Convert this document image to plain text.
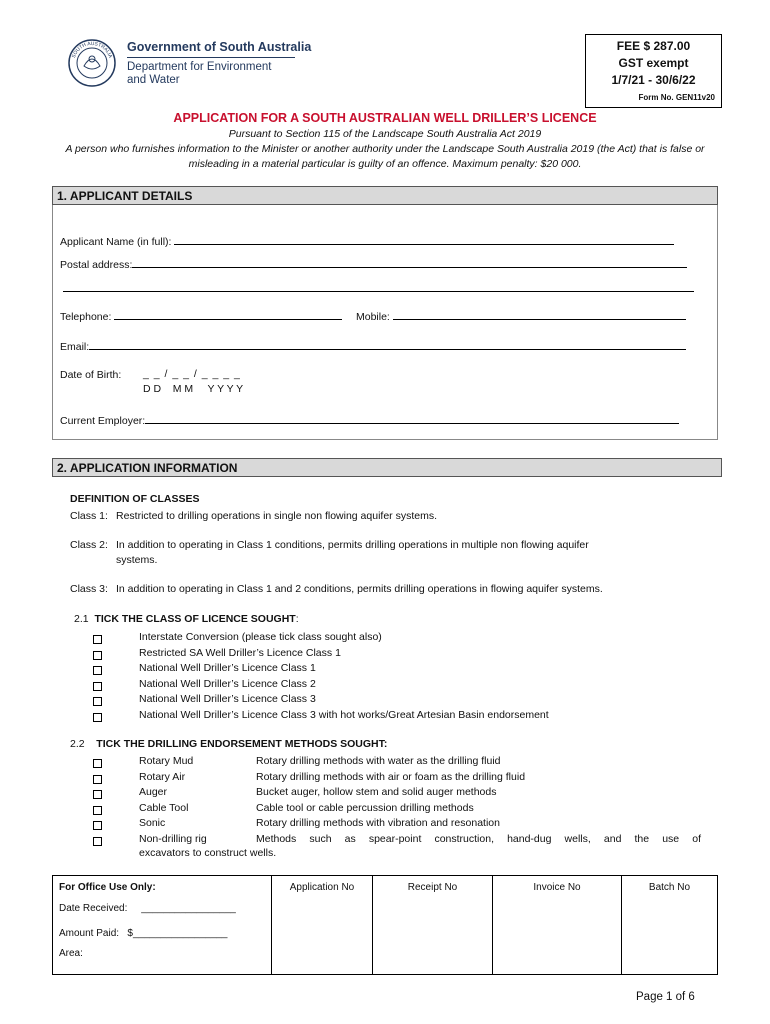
SOUTH AUSTRALIA
Government of South Australia
Department for Environment
and Water
FEE $ 287.00
GST exempt
1/7/21 - 30/6/22
Form No. GEN11v20
APPLICATION FOR A SOUTH AUSTRALIAN WELL DRILLER’S LICENCE
Pursuant to Section 115 of the Landscape South Australia Act 2019
A person who furnishes information to the Minister or another authority under the Landscape South Australia 2019 (the Act) that is false or misleading in a material particular is guilty of an offence. Maximum penalty: $20 000.
1. APPLICANT DETAILS
Applicant Name (in full):
Postal address:
Telephone:	Mobile:
Email:
Date of Birth: _ _ / _ _ / _ _ _ _
D D    M M     Y Y Y Y
Current Employer:
2. APPLICATION INFORMATION
DEFINITION OF CLASSES
Class 1: Restricted to drilling operations in single non flowing aquifer systems.
Class 2: In addition to operating in Class 1 conditions, permits drilling operations in multiple non flowing aquifer
systems.
Class 3: In addition to operating in Class 1 and 2 conditions, permits drilling operations in flowing aquifer systems.
2.1 TICK THE CLASS OF LICENCE SOUGHT:
Interstate Conversion (please tick class sought also)
Restricted SA Well Driller’s Licence Class 1
National Well Driller’s Licence Class 1
National Well Driller’s Licence Class 2
National Well Driller’s Licence Class 3
National Well Driller’s Licence Class 3 with hot works/Great Artesian Basin endorsement
2.2 TICK THE DRILLING ENDORSEMENT METHODS SOUGHT:
Rotary Mud	Rotary drilling methods with water as the drilling fluid
Rotary Air	Rotary drilling methods with air or foam as the drilling fluid
Auger	Bucket auger, hollow stem and solid auger methods
Cable Tool	Cable tool or cable percussion drilling methods
Sonic	Rotary drilling methods with vibration and resonation
Non-drilling rig	Methods such as spear-point construction, hand-dug wells, and the use of
excavators to construct wells.
For Office Use Only:
Date Received: _________________
Amount Paid: $_________________
Area:
	Application No	Receipt No	Invoice No	Batch No
Page 1 of 6
